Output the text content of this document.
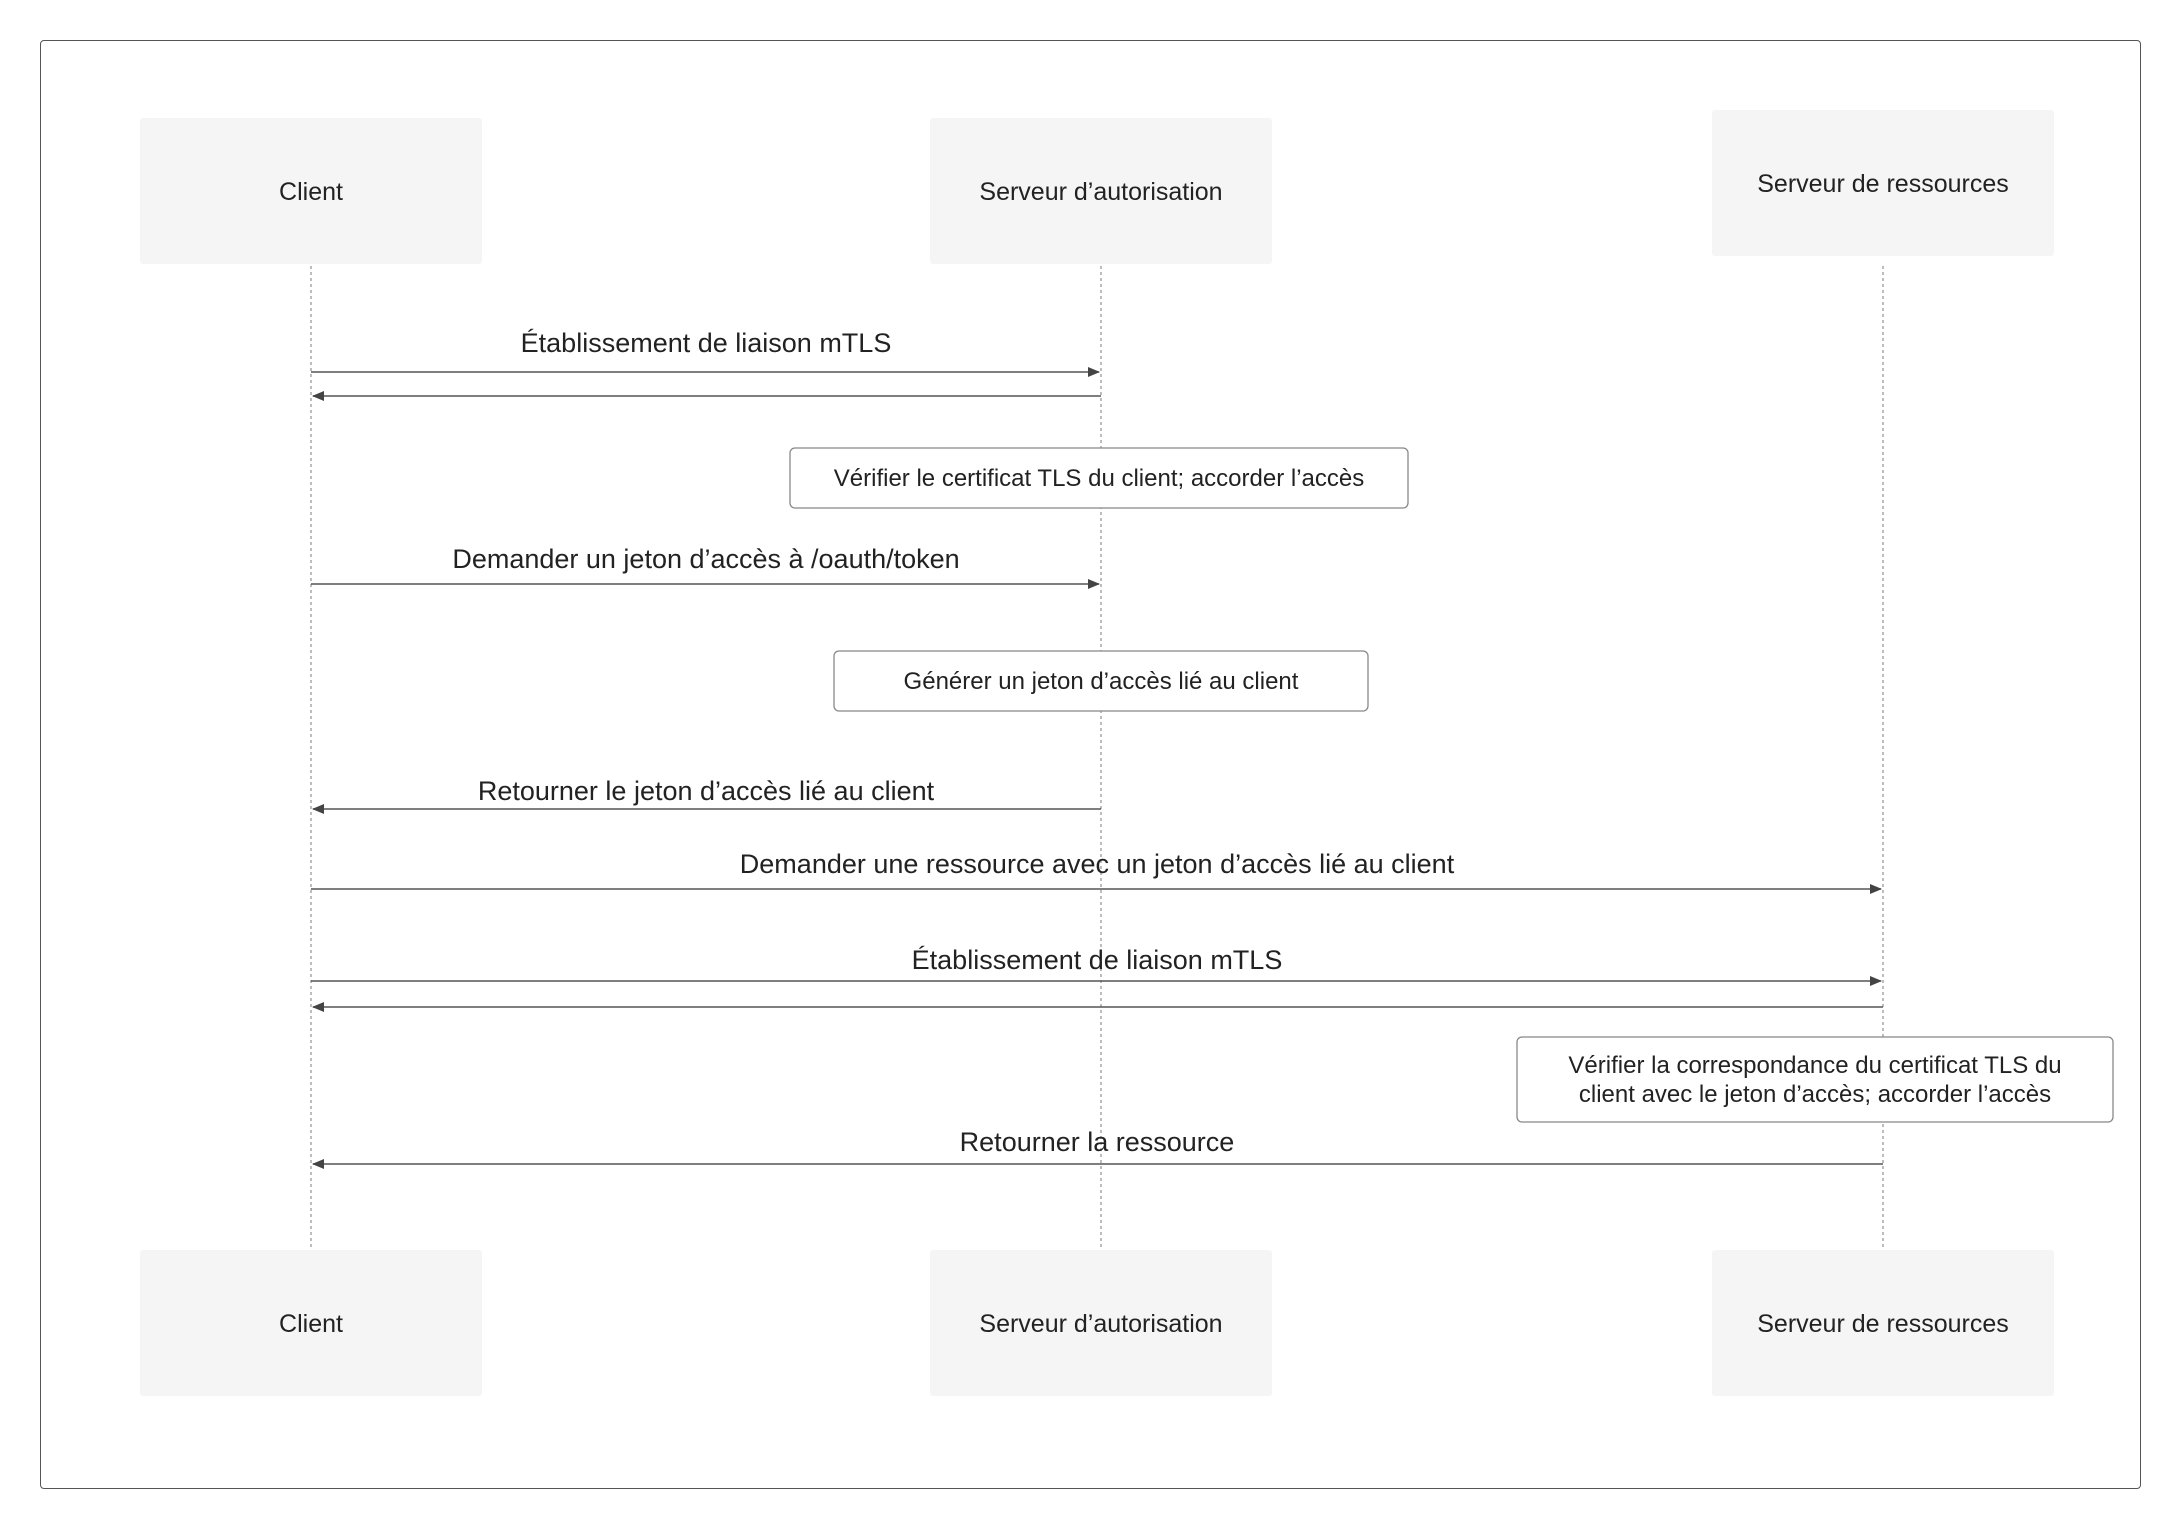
Client	Serveur d’autorisation	Serveur de ressources
Client	Serveur d’autorisation	Serveur de ressources
Établissement de liaison mTLS
Demander un jeton d’accès à /oauth/token
Retourner le jeton d’accès lié au client
Demander une ressource avec un jeton d’accès lié au client
Établissement de liaison mTLS
Retourner la ressource
Vérifier le certificat TLS du client; accorder l’accès
Générer un jeton d’accès lié au client
Vérifier la correspondance du certificat TLS du
client avec le jeton d’accès; accorder l’accès
